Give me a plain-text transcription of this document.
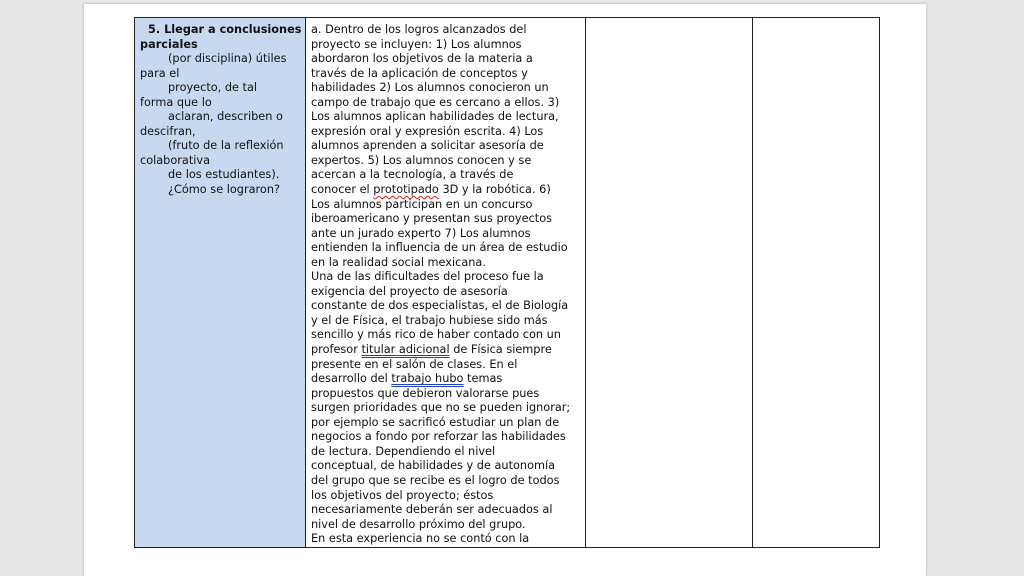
5. Llegar a conclusiones
parciales
(por disciplina) útiles
para el
proyecto, de tal
forma que lo
aclaran, describen o
descifran,
(fruto de la reflexión
colaborativa
de los estudiantes).
¿Cómo se lograron?

a. Dentro de los logros alcanzados del
proyecto se incluyen: 1) Los alumnos
abordaron los objetivos de la materia a
través de la aplicación de conceptos y
habilidades 2) Los alumnos conocieron un
campo de trabajo que es cercano a ellos. 3)
Los alumnos aplican habilidades de lectura,
expresión oral y expresión escrita. 4) Los
alumnos aprenden a solicitar asesoría de
expertos. 5) Los alumnos conocen y se
acercan a la tecnología, a través de
conocer el prototipado 3D y la robótica. 6)
Los alumnos participan en un concurso
iberoamericano y presentan sus proyectos
ante un jurado experto 7) Los alumnos
entienden la influencia de un área de estudio
en la realidad social mexicana.
Una de las dificultades del proceso fue la
exigencia del proyecto de asesoría
constante de dos especialistas, el de Biología
y el de Física, el trabajo hubiese sido más
sencillo y más rico de haber contado con un
profesor titular adicional de Física siempre
presente en el salón de clases. En el
desarrollo del trabajo hubo temas
propuestos que debieron valorarse pues
surgen prioridades que no se pueden ignorar;
por ejemplo se sacrificó estudiar un plan de
negocios a fondo por reforzar las habilidades
de lectura. Dependiendo el nivel
conceptual, de habilidades y de autonomía
del grupo que se recibe es el logro de todos
los objetivos del proyecto; éstos
necesariamente deberán ser adecuados al
nivel de desarrollo próximo del grupo.
En esta experiencia no se contó con la
